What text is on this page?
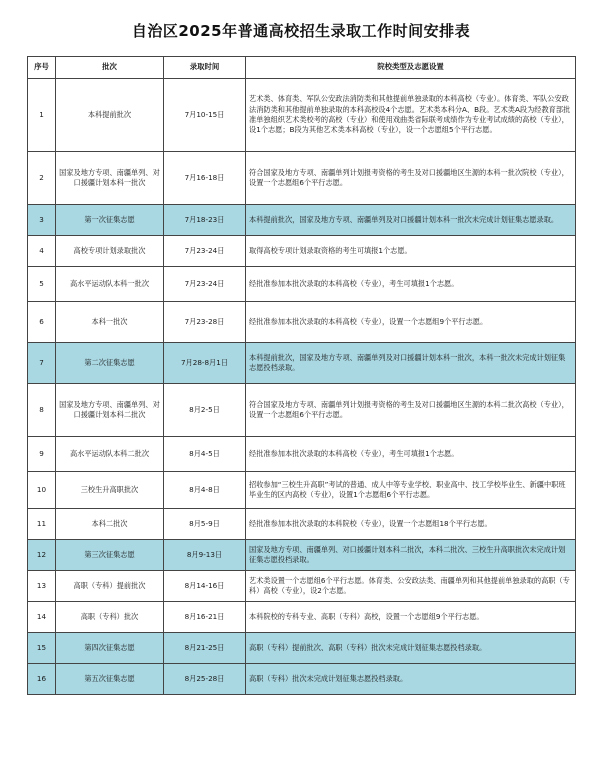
自治区2025年普通高校招生录取工作时间安排表
序号	批次	录取时间	院校类型及志愿设置
1	本科提前批次	7月10-15日	艺术类、体育类、军队公安政法消防类和其他提前单独录取的本科高校（专业）。体育类、军队公安政法消防类和其他提前单独录取的本科高校设4个志愿。艺术类本科分A、B段。艺术类A段为经教育部批准单独组织艺术类校考的高校（专业）和使用戏曲类省际联考成绩作为专业考试成绩的高校（专业），设1个志愿；B段为其他艺术类本科高校（专业），设一个志愿组5个平行志愿。
2	国家及地方专项、南疆单列、对口援疆计划本科一批次	7月16-18日	符合国家及地方专项、南疆单列计划报考资格的考生及对口援疆地区生源的本科一批次院校（专业），设置一个志愿组6个平行志愿。
3	第一次征集志愿	7月18-23日	本科提前批次，国家及地方专项、南疆单列及对口援疆计划本科一批次未完成计划征集志愿录取。
4	高校专项计划录取批次	7月23-24日	取得高校专项计划录取资格的考生可填报1个志愿。
5	高水平运动队本科一批次	7月23-24日	经批准参加本批次录取的本科高校（专业），考生可填报1个志愿。
6	本科一批次	7月23-28日	经批准参加本批次录取的本科高校（专业），设置一个志愿组9个平行志愿。
7	第二次征集志愿	7月28-8月1日	本科提前批次，国家及地方专项、南疆单列及对口援疆计划本科一批次，本科一批次未完成计划征集志愿投档录取。
8	国家及地方专项、南疆单列、对口援疆计划本科二批次	8月2-5日	符合国家及地方专项、南疆单列计划报考资格的考生及对口援疆地区生源的本科二批次高校（专业），设置一个志愿组6个平行志愿。
9	高水平运动队本科二批次	8月4-5日	经批准参加本批次录取的本科高校（专业），考生可填报1个志愿。
10	三校生升高职批次	8月4-8日	招收参加“三校生升高职”考试的普通、成人中等专业学校、职业高中、技工学校毕业生、新疆中职班毕业生的区内高校（专业），设置1个志愿组6个平行志愿。
11	本科二批次	8月5-9日	经批准参加本批次录取的本科院校（专业），设置一个志愿组18个平行志愿。
12	第三次征集志愿	8月9-13日	国家及地方专项、南疆单列、对口援疆计划本科二批次，本科二批次、三校生升高职批次未完成计划征集志愿投档录取。
13	高职（专科）提前批次	8月14-16日	艺术类设置一个志愿组6个平行志愿。体育类、公安政法类、南疆单列和其他提前单独录取的高职（专科）高校（专业），设2个志愿。
14	高职（专科）批次	8月16-21日	本科院校的专科专业、高职（专科）高校，设置一个志愿组9个平行志愿。
15	第四次征集志愿	8月21-25日	高职（专科）提前批次、高职（专科）批次未完成计划征集志愿投档录取。
16	第五次征集志愿	8月25-28日	高职（专科）批次未完成计划征集志愿投档录取。
